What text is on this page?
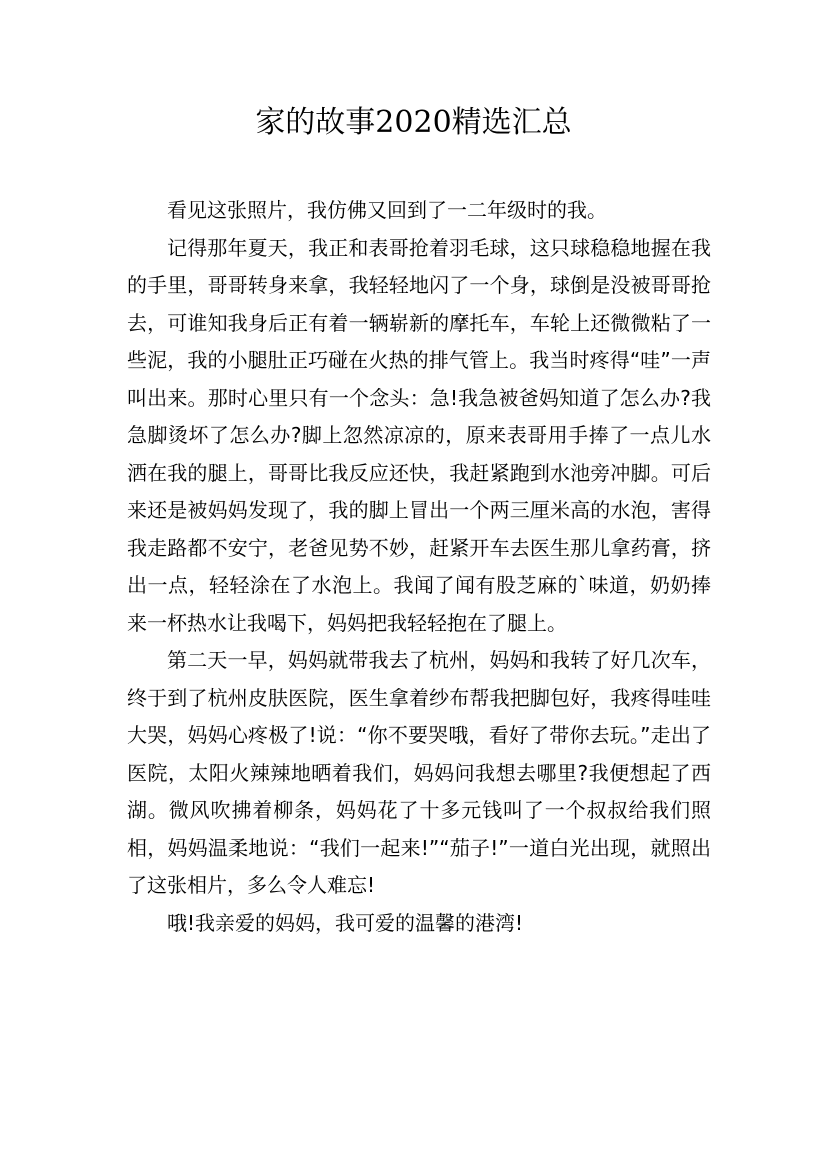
家的故事2020精选汇总

看见这张照片，我仿佛又回到了一二年级时的我。

记得那年夏天，我正和表哥抢着羽毛球，这只球稳稳地握在我的手里，哥哥转身来拿，我轻轻地闪了一个身，球倒是没被哥哥抢去，可谁知我身后正有着一辆崭新的摩托车，车轮上还微微粘了一些泥，我的小腿肚正巧碰在火热的排气管上。我当时疼得“哇”一声叫出来。那时心里只有一个念头：急!我急被爸妈知道了怎么办?我急脚烫坏了怎么办?脚上忽然凉凉的，原来表哥用手捧了一点儿水洒在我的腿上，哥哥比我反应还快，我赶紧跑到水池旁冲脚。可后来还是被妈妈发现了，我的脚上冒出一个两三厘米高的水泡，害得我走路都不安宁，老爸见势不妙，赶紧开车去医生那儿拿药膏，挤出一点，轻轻涂在了水泡上。我闻了闻有股芝麻的`味道，奶奶捧来一杯热水让我喝下，妈妈把我轻轻抱在了腿上。

第二天一早，妈妈就带我去了杭州，妈妈和我转了好几次车，终于到了杭州皮肤医院，医生拿着纱布帮我把脚包好，我疼得哇哇大哭，妈妈心疼极了!说：“你不要哭哦，看好了带你去玩。”走出了医院，太阳火辣辣地晒着我们，妈妈问我想去哪里?我便想起了西湖。微风吹拂着柳条，妈妈花了十多元钱叫了一个叔叔给我们照相，妈妈温柔地说：“我们一起来!”“茄子!”一道白光出现，就照出了这张相片，多么令人难忘!

哦!我亲爱的妈妈，我可爱的温馨的港湾!
